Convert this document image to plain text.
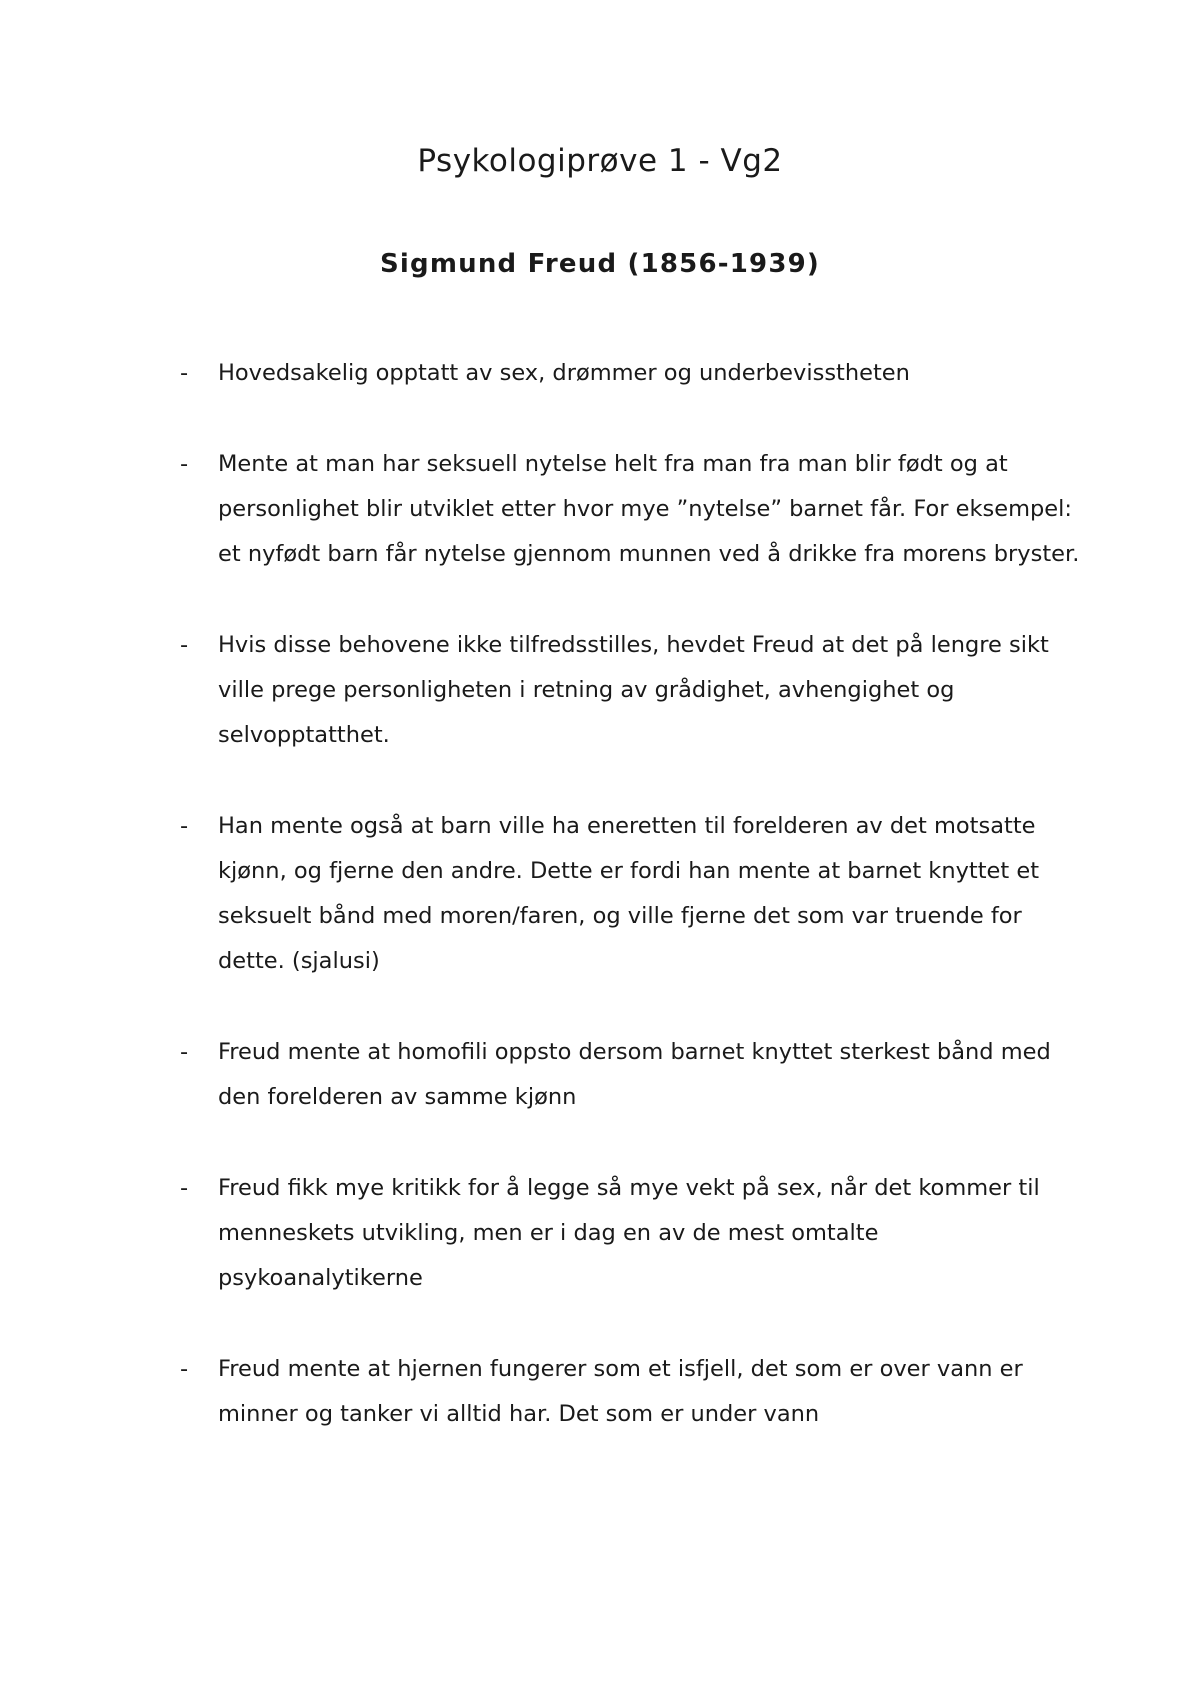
Psykologiprøve 1 - Vg2
Sigmund Freud (1856-1939)
-	Hovedsakelig opptatt av sex, drømmer og underbevisstheten
-	Mente at man har seksuell nytelse helt fra man fra man blir født og at personlighet blir utviklet etter hvor mye ”nytelse” barnet får. For eksempel: et nyfødt barn får nytelse gjennom munnen ved å drikke fra morens bryster.
-	Hvis disse behovene ikke tilfredsstilles, hevdet Freud at det på lengre sikt ville prege personligheten i retning av grådighet, avhengighet og selvopptatthet.
-	Han mente også at barn ville ha eneretten til forelderen av det motsatte kjønn, og fjerne den andre. Dette er fordi han mente at barnet knyttet et seksuelt bånd med moren/faren, og ville fjerne det som var truende for dette. (sjalusi)
-	Freud mente at homofili oppsto dersom barnet knyttet sterkest bånd med den forelderen av samme kjønn
-	Freud fikk mye kritikk for å legge så mye vekt på sex, når det kommer til menneskets utvikling, men er i dag en av de mest omtalte psykoanalytikerne
-	Freud mente at hjernen fungerer som et isfjell, det som er over vann er minner og tanker vi alltid har. Det som er under vann
